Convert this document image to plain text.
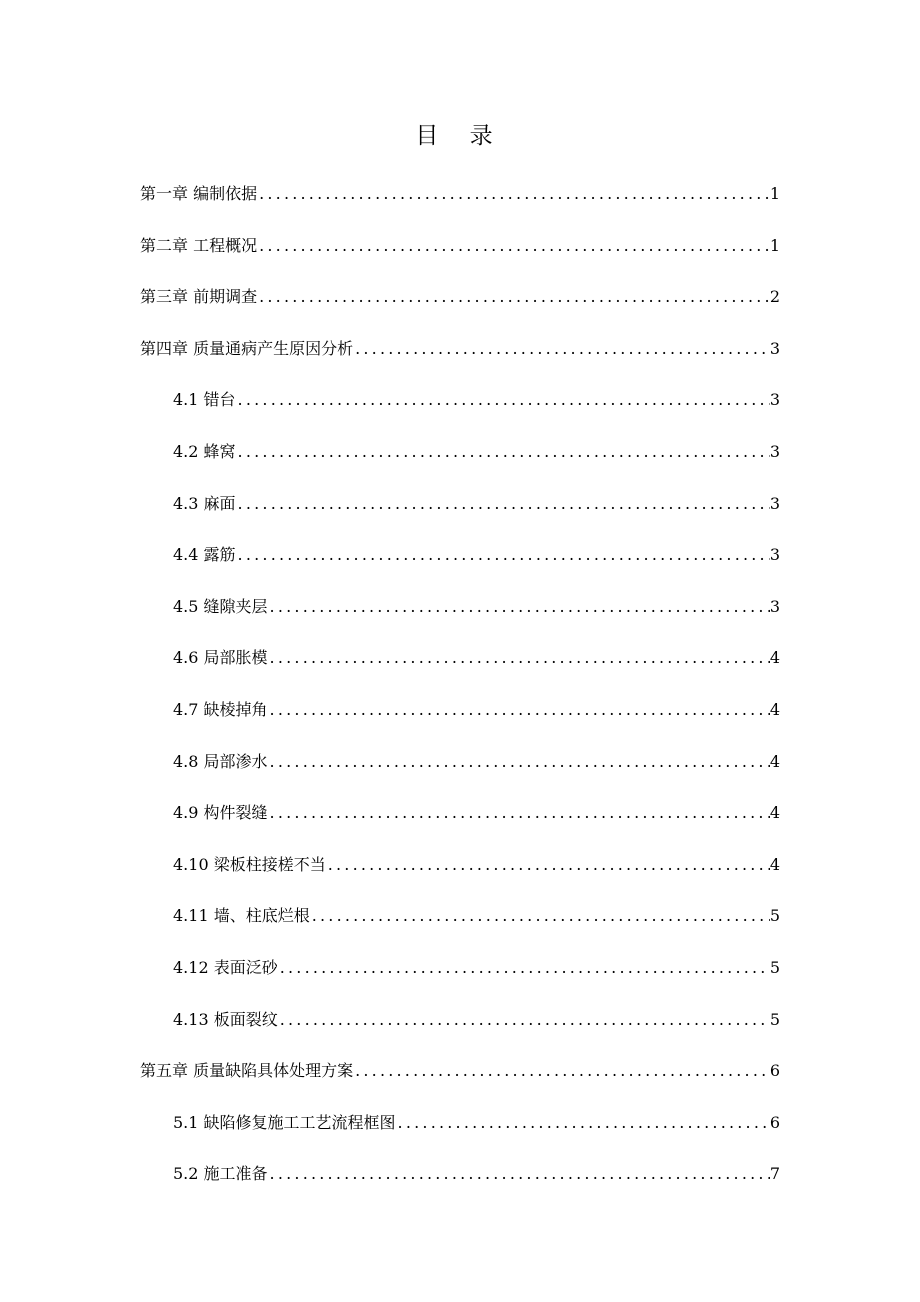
目 录
第一章 编制依据 .....	1
第二章 工程概况 .....	1
第三章 前期调查 .....	2
第四章 质量通病产生原因分析 .....	3
4.1 错台 .....	3
4.2 蜂窝 .....	3
4.3 麻面 .....	3
4.4 露筋 .....	3
4.5 缝隙夹层 .....	3
4.6 局部胀模 .....	4
4.7 缺棱掉角 .....	4
4.8 局部渗水 .....	4
4.9 构件裂缝 .....	4
4.10 梁板柱接槎不当 .....	4
4.11 墙、柱底烂根 .....	5
4.12 表面泛砂 .....	5
4.13 板面裂纹 .....	5
第五章 质量缺陷具体处理方案 .....	6
5.1 缺陷修复施工工艺流程框图 .....	6
5.2 施工准备 .....	7
